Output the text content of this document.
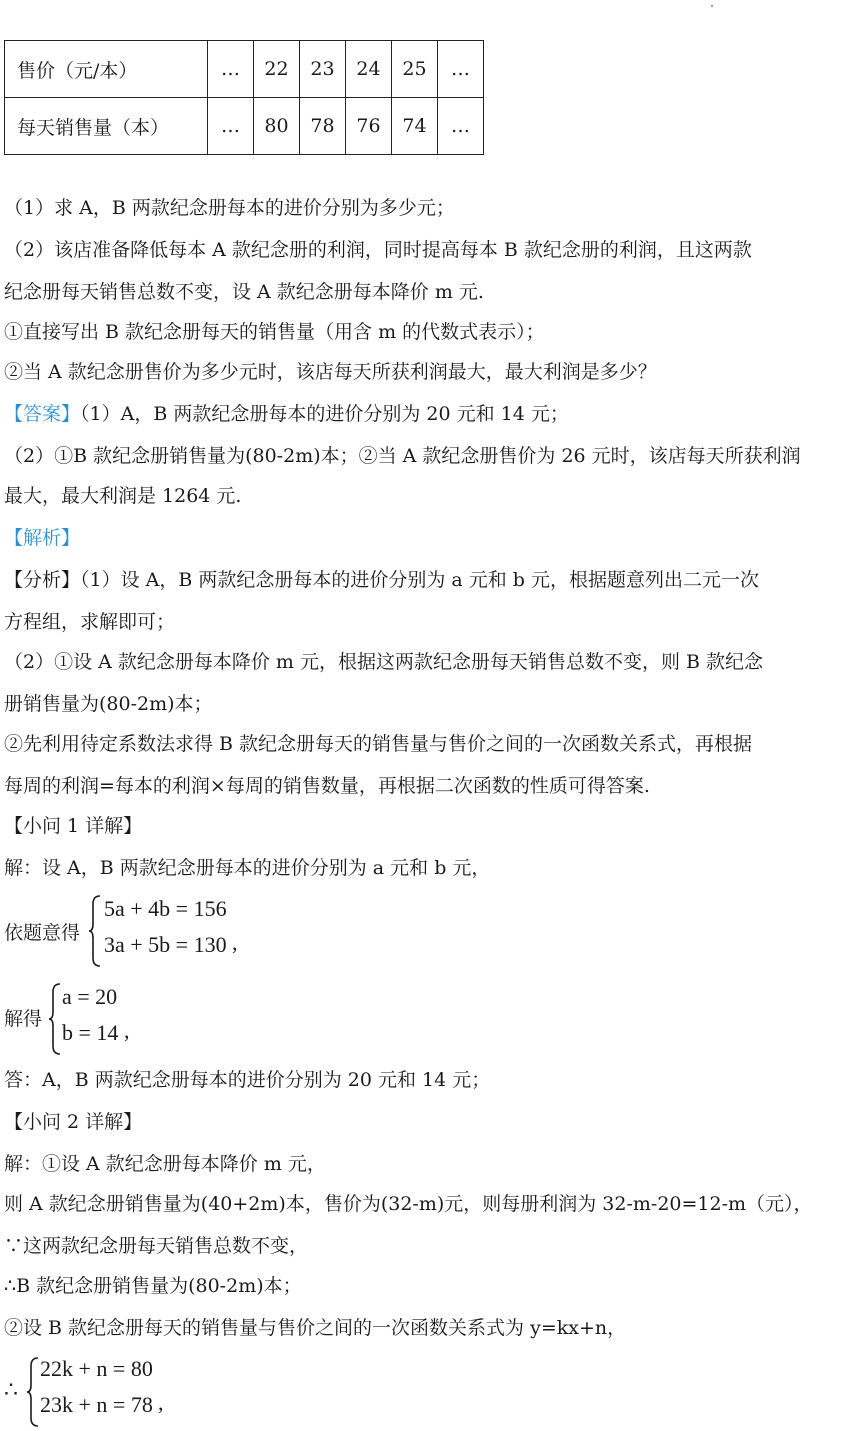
售价（元/本）	…	22	23	24	25	…
每天销售量（本）	…	80	78	76	74	…
（1）求 A，B 两款纪念册每本的进价分别为多少元；
（2）该店准备降低每本 A 款纪念册的利润，同时提高每本 B 款纪念册的利润，且这两款
纪念册每天销售总数不变，设 A 款纪念册每本降价 m 元.
①直接写出 B 款纪念册每天的销售量（用含 m 的代数式表示）；
②当 A 款纪念册售价为多少元时，该店每天所获利润最大，最大利润是多少？
【答案】（1）A，B 两款纪念册每本的进价分别为 20 元和 14 元；
（2）①B 款纪念册销售量为(80-2m)本；②当 A 款纪念册售价为 26 元时，该店每天所获利润
最大，最大利润是 1264 元.
【解析】
【分析】（1）设 A，B 两款纪念册每本的进价分别为 a 元和 b 元，根据题意列出二元一次
方程组，求解即可；
（2）①设 A 款纪念册每本降价 m 元，根据这两款纪念册每天销售总数不变，则 B 款纪念
册销售量为(80-2m)本；
②先利用待定系数法求得 B 款纪念册每天的销售量与售价之间的一次函数关系式，再根据
每周的利润=每本的利润×每周的销售数量，再根据二次函数的性质可得答案.
【小问 1 详解】
解：设 A，B 两款纪念册每本的进价分别为 a 元和 b 元，
依题意得
5a + 4b = 156
3a + 5b = 130 ,
解得
a = 20
b = 14 ,
答：A，B 两款纪念册每本的进价分别为 20 元和 14 元；
【小问 2 详解】
解：①设 A 款纪念册每本降价 m 元，
则 A 款纪念册销售量为(40+2m)本，售价为(32-m)元，则每册利润为 32-m-20=12-m（元），
∵这两款纪念册每天销售总数不变，
∴B 款纪念册销售量为(80-2m)本；
②设 B 款纪念册每天的销售量与售价之间的一次函数关系式为 y=kx+n，
∴
22k + n = 80
23k + n = 78 ,
